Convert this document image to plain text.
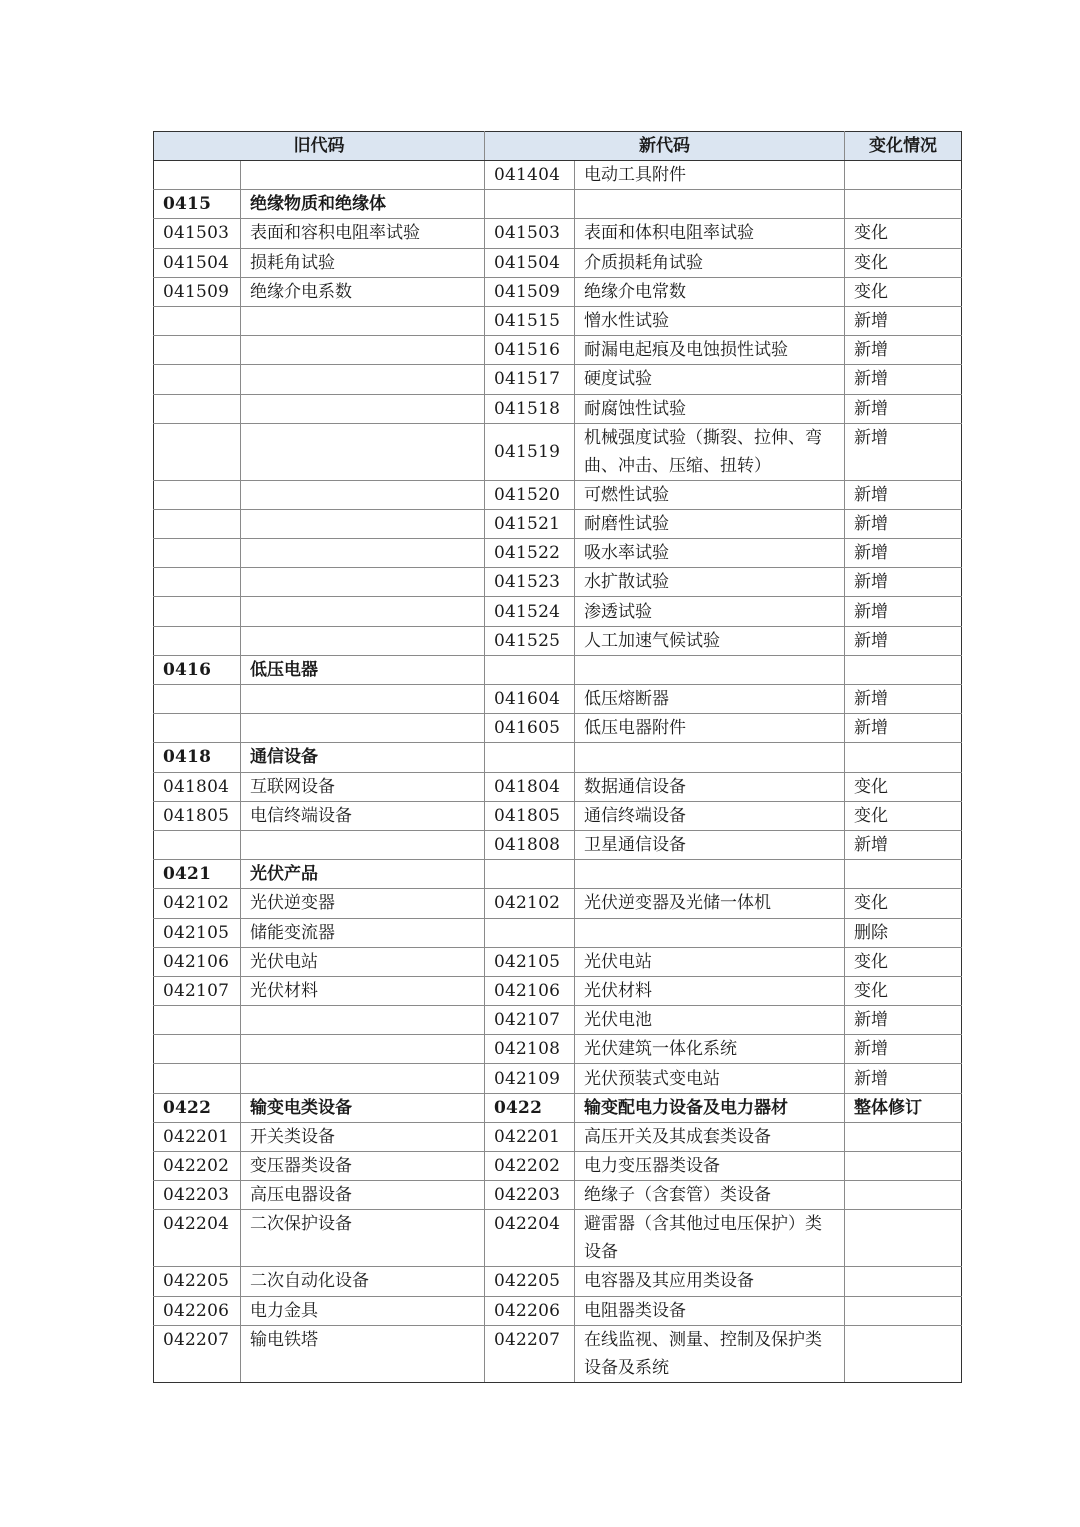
旧代码		新代码		变化情况
		041404	电动工具附件	
0415	绝缘物质和绝缘体			
041503	表面和容积电阻率试验	041503	表面和体积电阻率试验	变化
041504	损耗角试验	041504	介质损耗角试验	变化
041509	绝缘介电系数	041509	绝缘介电常数	变化
		041515	憎水性试验	新增
		041516	耐漏电起痕及电蚀损性试验	新增
		041517	硬度试验	新增
		041518	耐腐蚀性试验	新增
		041519	机械强度试验（撕裂、拉伸、弯曲、冲击、压缩、扭转）	新增
		041520	可燃性试验	新增
		041521	耐磨性试验	新增
		041522	吸水率试验	新增
		041523	水扩散试验	新增
		041524	渗透试验	新增
		041525	人工加速气候试验	新增
0416	低压电器			
		041604	低压熔断器	新增
		041605	低压电器附件	新增
0418	通信设备			
041804	互联网设备	041804	数据通信设备	变化
041805	电信终端设备	041805	通信终端设备	变化
		041808	卫星通信设备	新增
0421	光伏产品			
042102	光伏逆变器	042102	光伏逆变器及光储一体机	变化
042105	储能变流器			删除
042106	光伏电站	042105	光伏电站	变化
042107	光伏材料	042106	光伏材料	变化
		042107	光伏电池	新增
		042108	光伏建筑一体化系统	新增
		042109	光伏预装式变电站	新增
0422	输变电类设备	0422	输变配电力设备及电力器材	整体修订
042201	开关类设备	042201	高压开关及其成套类设备	
042202	变压器类设备	042202	电力变压器类设备	
042203	高压电器设备	042203	绝缘子（含套管）类设备	
042204	二次保护设备	042204	避雷器（含其他过电压保护）类设备	
042205	二次自动化设备	042205	电容器及其应用类设备	
042206	电力金具	042206	电阻器类设备	
042207	输电铁塔	042207	在线监视、测量、控制及保护类设备及系统	
